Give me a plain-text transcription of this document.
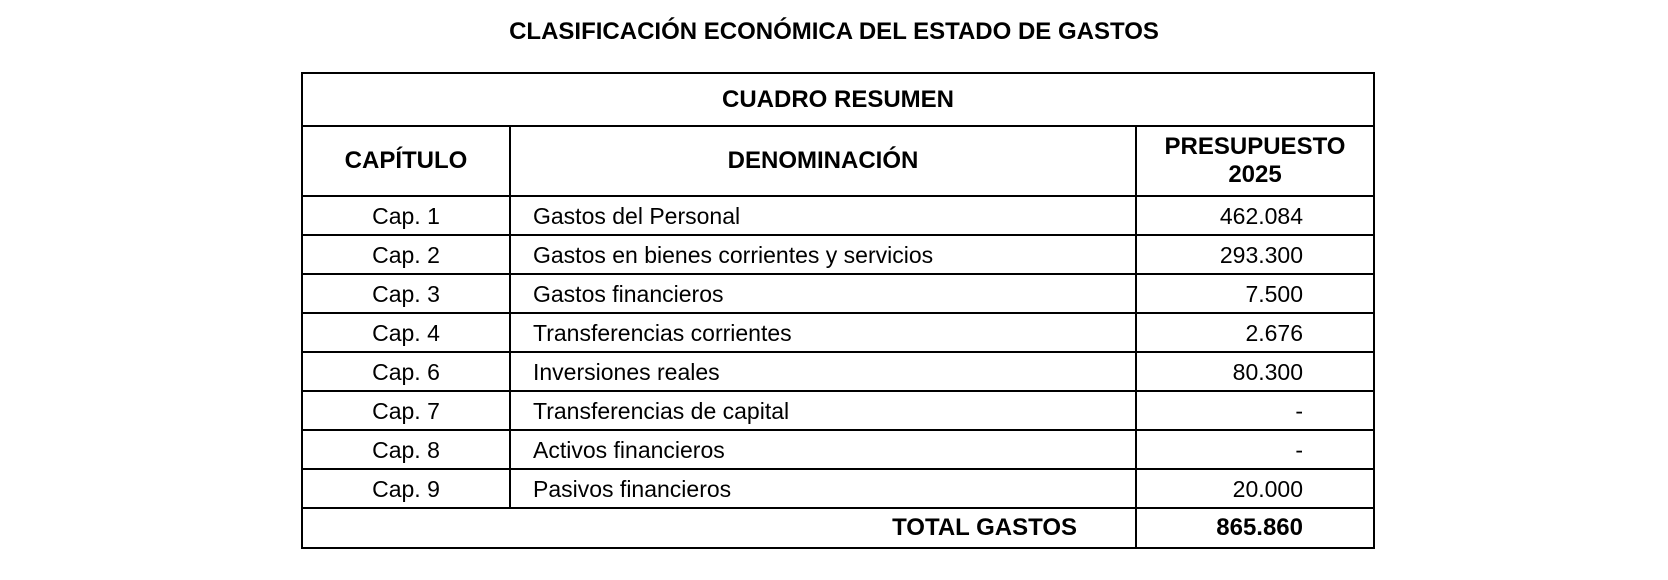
CLASIFICACIÓN ECONÓMICA DEL ESTADO DE GASTOS
CUADRO RESUMEN		
CAPÍTULO	DENOMINACIÓN	PRESUPUESTO
2025

Cap. 1	Gastos del Personal	462.084
Cap. 2	Gastos en bienes corrientes y servicios	293.300
Cap. 3	Gastos financieros	7.500
Cap. 4	Transferencias corrientes	2.676
Cap. 6	Inversiones reales	80.300
Cap. 7	Transferencias de capital	-
Cap. 8	Activos financieros	-
Cap. 9	Pasivos financieros	20.000
TOTAL GASTOS		865.860
